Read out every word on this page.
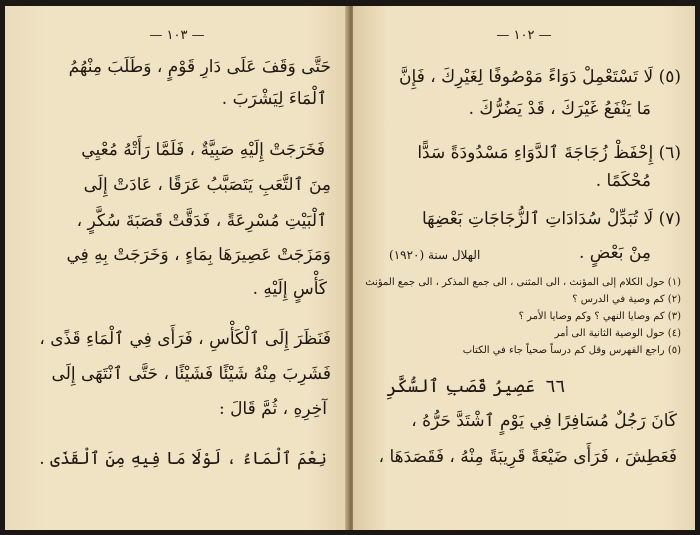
— ١٠٣ —
حَتَّى وَقَفَ عَلَى دَارِ قَوْمٍ ، وَطَلَبَ مِنْهُمُ
ٱلْمَاءَ لِيَشْرَبَ .
فَخَرَجَتْ إِلَيْهِ صَبِيَّةٌ ، فَلَمَّا رَأَتْهُ مُعْيِي
مِنَ ٱلتَّعَبِ يَتَصَبَّبُ عَرَقًا ، عَادَتْ إِلَى
ٱلْبَيْتِ مُسْرِعَةً ، فَدَقَّتْ قَصَبَةَ سُكَّرٍ ،
وَمَزَجَتْ عَصِيرَهَا بِمَاءٍ ، وَخَرَجَتْ بِهِ فِي
كَأْسٍ إِلَيْهِ .
فَنَظَرَ إِلَى ٱلْكَأْسِ ، فَرَأَى فِي ٱلْمَاءِ قَذًى ،
فَشَرِبَ مِنْهُ شَيْئًا فَشَيْئًا ، حَتَّى ٱنْتَهَى إِلَى
آخِرِهِ ، ثُمَّ قَالَ :
نِعْمَ ٱلْمَاءُ ، لَوْلَا مَا فِيهِ مِنَ ٱلْقَذَى .
— ١٠٢ —
(٥) لَا تَسْتَعْمِلْ دَوَاءً مَوْصُوفًا لِغَيْرِكَ ، فَإِنَّ
مَا يَنْفَعُ غَيْرَكَ ، قَدْ يَضُرُّكَ .
(٦) إِحْفَظْ زُجَاجَةَ ٱلدَّوَاءِ مَسْدُودَةً سَدًّا
مُحْكَمًا .
(٧) لَا تُبَدِّلْ سُدَادَاتِ ٱلزُّجَاجَاتِ بَعْضِهَا
مِنْ بَعْضٍ .
الهلال سنة (١٩٢٠)
(١) حول الكلام إلى المؤنث ، الى المثنى ، الى جمع المذكر ، الى جمع المؤنث
(٢) كم وصية في الدرس ؟
(٣) كم وصايا النهي ؟ وكم وصايا الأمر ؟
(٤) حول الوصية الثانية الى أمر
(٥) راجع الفهرس وقل كم درساً صحياً جاء في الكتاب
٦٦
عَصِيرُ قَصَبِ ٱلسُّكَّرِ
كَانَ رَجُلٌ مُسَافِرًا فِي يَوْمٍ ٱشْتَدَّ حَرُّهُ ،
فَعَطِشَ ، فَرَأَى ضَيْعَةً قَرِيبَةً مِنْهُ ، فَقَصَدَهَا ،
